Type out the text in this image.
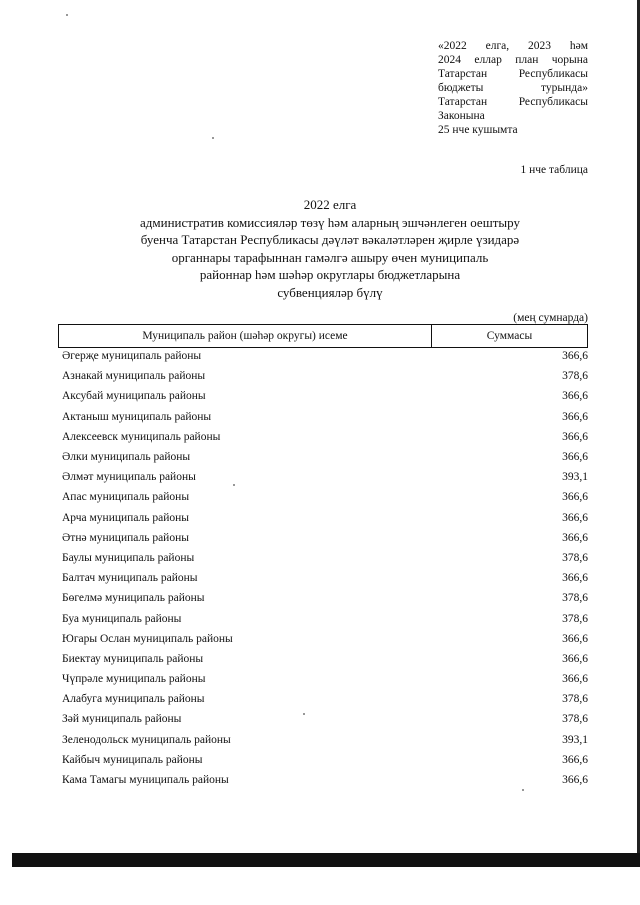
«2022 елга, 2023 һәм
2024 еллар план чорына
Татарстан Республикасы
бюджеты турында»
Татарстан Республикасы
Законына
25 нче кушымта
1 нче таблица
2022 елга
административ комиссияләр төзү һәм аларның эшчәнлеген оештыру
буенча Татарстан Республикасы дәүләт вәкаләтләрен җирле үзидарә
органнары тарафыннан гамәлгә ашыру өчен муниципаль
районнар һәм шәһәр округлары бюджетларына
субвенцияләр бүлү
(мең сумнарда)
Муниципаль район (шәһәр округы) исеме	Суммасы
Әгерҗе муниципаль районы	366,6
Азнакай муниципаль районы	378,6
Аксубай муниципаль районы	366,6
Актаныш муниципаль районы	366,6
Алексеевск муниципаль районы	366,6
Әлки муниципаль районы	366,6
Әлмәт муниципаль районы	393,1
Апас муниципаль районы	366,6
Арча муниципаль районы	366,6
Әтнә муниципаль районы	366,6
Баулы муниципаль районы	378,6
Балтач муниципаль районы	366,6
Бөгелмә муниципаль районы	378,6
Буа муниципаль районы	378,6
Югары Ослан муниципаль районы	366,6
Биектау муниципаль районы	366,6
Чүпрәле муниципаль районы	366,6
Алабуга муниципаль районы	378,6
Зәй муниципаль районы	378,6
Зеленодольск муниципаль районы	393,1
Кайбыч муниципаль районы	366,6
Кама Тамагы муниципаль районы	366,6
